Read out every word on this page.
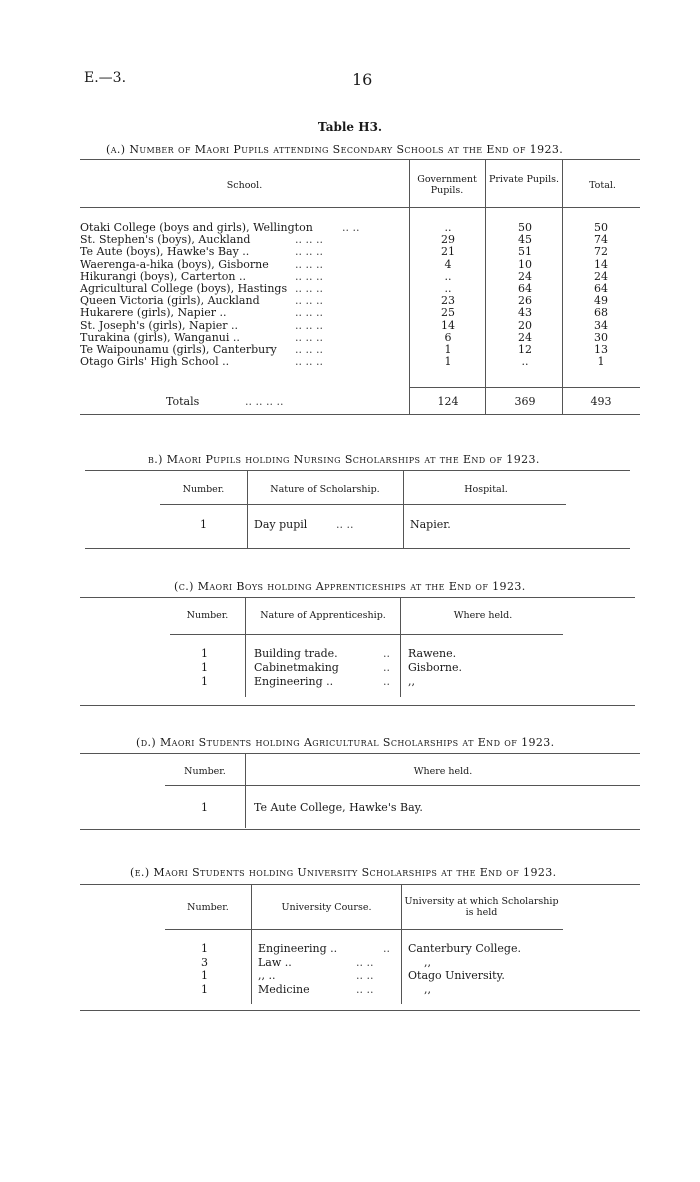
E.—3.	16
Table H3.
(a.) Number of Maori Pupils attending Secondary Schools at the End of 1923.
School.
Government Pupils.
Private Pupils.
Total.
Otaki College (boys and girls), Wellington	.. ..	..	50	50
St. Stephen's (boys), Auckland	.. .. ..	29	45	74
Te Aute (boys), Hawke's Bay ..	.. .. ..	21	51	72
Waerenga-a-hika (boys), Gisborne .. .. ..	4	10	14
Hikurangi (boys), Carterton ..	.. .. ..	..	24	24
Agricultural College (boys), Hastings .. .. ..	..	64	64
Queen Victoria (girls), Auckland	.. .. ..	23	26	49
Hukarere (girls), Napier ..	.. .. ..	25	43	68
St. Joseph's (girls), Napier ..	.. .. ..	14	20	34
Turakina (girls), Wanganui ..	.. .. ..	6	24	30
Te Waipounamu (girls), Canterbury .. .. ..	1	12	13
Otago Girls' High School ..	.. .. ..	1	..	1
Totals	.. .. .. ..	124	369	493
b.) Maori Pupils holding Nursing Scholarships at the End of 1923.
Number.	Nature of Scholarship.	Hospital.
1	Day pupil	.. ..	Napier.
(c.) Maori Boys holding Apprenticeships at the End of 1923.
Number.	Nature of Apprenticeship.	Where held.
1	Building trade.	.. Rawene.
1	Cabinetmaking	.. Gisborne.
1	Engineering ..	.. ,,
(d.) Maori Students holding Agricultural Scholarships at End of 1923.
Number.	Where held.
1	Te Aute College, Hawke's Bay.
(e.) Maori Students holding University Scholarships at the End of 1923.
Number.	University Course.
University at which Scholarship is held
1	Engineering ..	.. Canterbury College.
3	Law ..	.. ..	,,
1	,, ..	.. ..	Otago University.
1	Medicine	.. ..	,,
